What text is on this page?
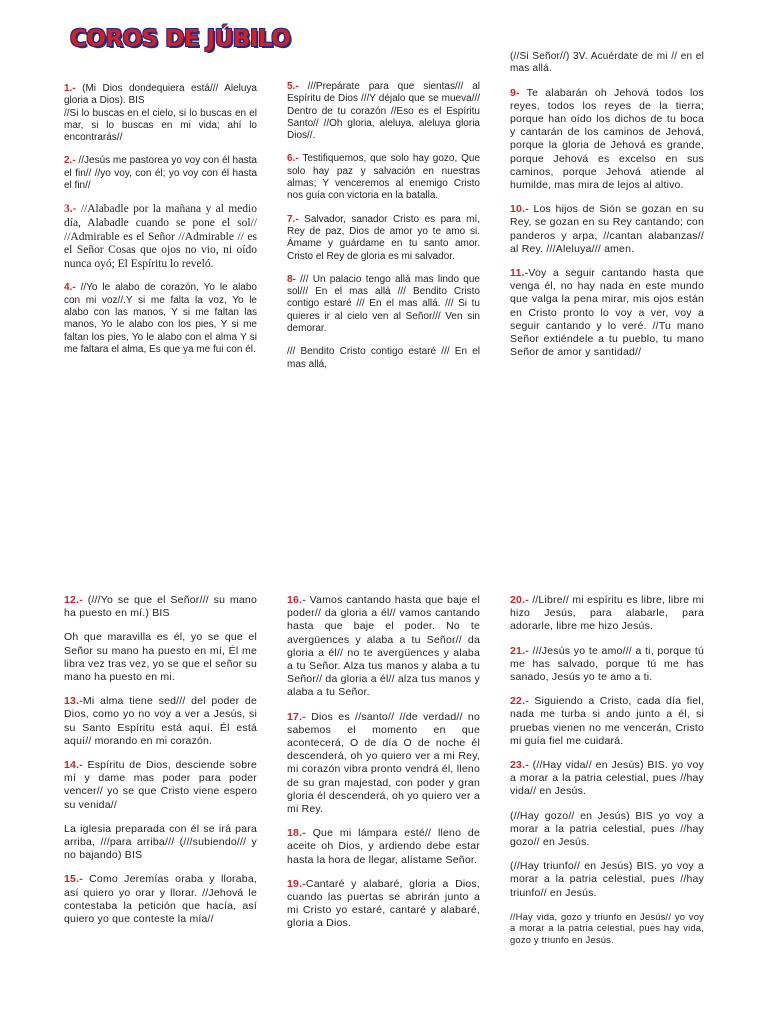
COROS DE JÚBILO

1.- (Mi Dios dondequiera está/// Aleluya gloria a Dios). BIS
//Si lo buscas en el cielo, si lo buscas en el mar, si lo buscas en mi vida; ahí lo encontrarás//

2.- //Jesús me pastorea yo voy con él hasta el fin// //yo voy, con él; yo voy con él hasta el fin//

3.- //Alabadle por la mañana y al medio día, Alabadle cuando se pone el sol// //Admirable es el Señor //Admirable // es el Señor Cosas que ojos no vio, ni oído nunca oyó; El Espíritu lo reveló.

4.- //Yo le alabo de corazón, Yo le alabo con mi voz//.Y si me falta la voz, Yo le alabo con las manos, Y si me faltan las manos, Yo le alabo con los pies, Y si me faltan los pies, Yo le alabo con el alma Y si me faltara el alma, Es que ya me fui con él.

5.- ///Prepárate para que sientas/// al Espíritu de Dios ///Y déjalo que se mueva/// Dentro de tu corazón //Eso es el Espíritu Santo// //Oh gloria, aleluya, aleluya gloria Dios//.

6.- Testifiquemos, que solo hay gozo, Que solo hay paz y salvación en nuestras almas; Y venceremos al enemigo Cristo nos guía con victoria en la batalla.

7.- Salvador, sanador Cristo es para mí, Rey de paz, Dios de amor yo te amo si. Ámame y guárdame en tu santo amor. Cristo el Rey de gloria es mi salvador.

8- /// Un palacio tengo allá mas lindo que sol/// En el mas allá /// Bendito Cristo contigo estaré /// En el mas allá. /// Si tu quieres ir al cielo ven al Señor/// Ven sin demorar.

/// Bendito Cristo contigo estaré /// En el mas allá,

(//Si Señor//) 3V. Acuérdate de mi // en el mas allá.

9- Te alabarán oh Jehová todos los reyes, todos los reyes de la tierra; porque han oído los dichos de tu boca y cantarán de los caminos de Jehová, porque la gloria de Jehová es grande, porque Jehová es excelso en sus caminos, porque Jehová atiende al humilde, mas mira de lejos al altivo.

10.- Los hijos de Sión se gozan en su Rey, se gozan en su Rey cantando; con panderos y arpa, //cantan alabanzas// al Rey. ///Aleluya/// amen.

11.-Voy a seguir cantando hasta que venga él, no hay nada en este mundo que valga la pena mirar, mis ojos están en Cristo pronto lo voy a ver, voy a seguir cantando y lo veré. //Tu mano Señor extiéndele a tu pueblo, tu mano Señor de amor y santidad//

12.- (///Yo se que el Señor/// su mano ha puesto en mí.) BIS

Oh que maravilla es él, yo se que el Señor su mano ha puesto en mí, Él me libra vez tras vez, yo se que el señor su mano ha puesto en mi.

13.-Mi alma tiene sed/// del poder de Dios, como yo no voy a ver a Jesús, si su Santo Espíritu está aquí. Él está aquí// morando en mi corazón.

14.- Espíritu de Dios, desciende sobre mí y dame mas poder para poder vencer// yo se que Cristo viene espero su venida//

La iglesia preparada con él se irá para arriba, ///para arriba/// (///subiendo/// y no bajando) BIS

15.- Como Jeremías oraba y lloraba, así quiero yo orar y llorar. //Jehová le contestaba la petición que hacía, así quiero yo que conteste la mía//

16.- Vamos cantando hasta que baje el poder// da gloria a él// vamos cantando hasta que baje el poder. No te avergüences y alaba a tu Señor// da gloria a él// no te avergüences y alaba a tu Señor. Alza tus manos y alaba a tu Señor// da gloria a él// alza tus manos y alaba a tu Señor.

17.- Dios es //santo// //de verdad// no sabemos el momento en que acontecerá, O de día O de noche él descenderá, oh yo quiero ver a mi Rey, mi corazón vibra pronto vendrá él, lleno de su gran majestad, con poder y gran gloria él descenderá, oh yo quiero ver a mi Rey.

18.- Que mi lámpara esté// lleno de aceite oh Dios, y ardiendo debe estar hasta la hora de llegar, alístame Señor.

19.-Cantaré y alabaré, gloria a Dios, cuando las puertas se abrirán junto a mi Cristo yo estaré, cantaré y alabaré, gloria a Dios.

20.- //Libre// mi espíritu es libre, libre mi hizo Jesús, para alabarle, para adorarle, libre me hizo Jesús.

21.- ///Jesús yo te amo/// a ti, porque tú me has salvado, porque tú me has sanado, Jesús yo te amo a ti.

22.- Siguiendo a Cristo, cada día fiel, nada me turba si ando junto a él, si pruebas vienen no me vencerán, Cristo mi guía fiel me cuidará.

23.- (//Hay vida// en Jesús) BIS. yo voy a morar a la patria celestial, pues //hay vida// en Jesús.

(//Hay gozo// en Jesús) BIS yo voy a morar a la patria celestial, pues //hay gozo// en Jesús.

(//Hay triunfo// en Jesús) BIS. yo voy a morar a la patria celestial, pues //hay triunfo// en Jesús.

//Hay vida, gozo y triunfo en Jesús// yo voy a morar a la patria celestial, pues hay vida, gozo y triunfo en Jesús.
